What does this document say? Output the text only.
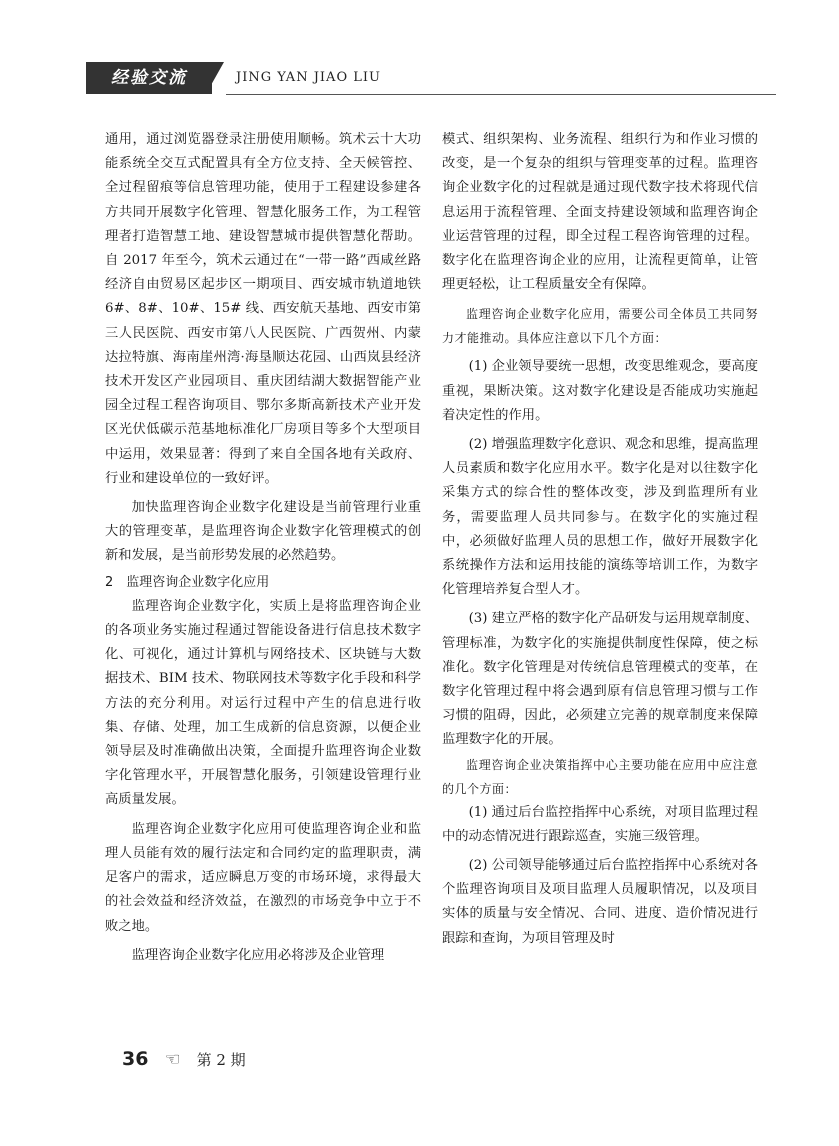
经验交流	JING YAN JIAO LIU

通用，通过浏览器登录注册使用顺畅。筑术云十大功能系统全交互式配置具有全方位支持、全天候管控、全过程留痕等信息管理功能，使用于工程建设参建各方共同开展数字化管理、智慧化服务工作，为工程管理者打造智慧工地、建设智慧城市提供智慧化帮助。自 2017 年至今，筑术云通过在“一带一路”西咸丝路经济自由贸易区起步区一期项目、西安城市轨道地铁 6#、8#、10#、15# 线、西安航天基地、西安市第三人民医院、西安市第八人民医院、广西贺州、内蒙达拉特旗、海南崖州湾·海垦顺达花园、山西岚县经济技术开发区产业园项目、重庆团结湖大数据智能产业园全过程工程咨询项目、鄂尔多斯高新技术产业开发区光伏低碳示范基地标准化厂房项目等多个大型项目中运用，效果显著：得到了来自全国各地有关政府、行业和建设单位的一致好评。

加快监理咨询企业数字化建设是当前管理行业重大的管理变革，是监理咨询企业数字化管理模式的创新和发展，是当前形势发展的必然趋势。

2　监理咨询企业数字化应用

监理咨询企业数字化，实质上是将监理咨询企业的各项业务实施过程通过智能设备进行信息技术数字化、可视化，通过计算机与网络技术、区块链与大数据技术、BIM 技术、物联网技术等数字化手段和科学方法的充分利用。对运行过程中产生的信息进行收集、存储、处理，加工生成新的信息资源，以便企业领导层及时准确做出决策，全面提升监理咨询企业数字化管理水平，开展智慧化服务，引领建设管理行业高质量发展。

监理咨询企业数字化应用可使监理咨询企业和监理人员能有效的履行法定和合同约定的监理职责，满足客户的需求，适应瞬息万变的市场环境，求得最大的社会效益和经济效益，在激烈的市场竞争中立于不败之地。

监理咨询企业数字化应用必将涉及企业管理

模式、组织架构、业务流程、组织行为和作业习惯的改变，是一个复杂的组织与管理变革的过程。监理咨询企业数字化的过程就是通过现代数字技术将现代信息运用于流程管理、全面支持建设领域和监理咨询企业运营管理的过程，即全过程工程咨询管理的过程。数字化在监理咨询企业的应用，让流程更简单，让管理更轻松，让工程质量安全有保障。

监理咨询企业数字化应用，需要公司全体员工共同努力才能推动。具体应注意以下几个方面：

(1) 企业领导要统一思想，改变思维观念，要高度重视，果断决策。这对数字化建设是否能成功实施起着决定性的作用。

(2) 增强监理数字化意识、观念和思维，提高监理人员素质和数字化应用水平。数字化是对以往数字化采集方式的综合性的整体改变，涉及到监理所有业务，需要监理人员共同参与。在数字化的实施过程中，必须做好监理人员的思想工作，做好开展数字化系统操作方法和运用技能的演练等培训工作，为数字化管理培养复合型人才。

(3) 建立严格的数字化产品研发与运用规章制度、管理标准，为数字化的实施提供制度性保障，使之标准化。数字化管理是对传统信息管理模式的变革，在数字化管理过程中将会遇到原有信息管理习惯与工作习惯的阻碍，因此，必须建立完善的规章制度来保障监理数字化的开展。

监理咨询企业决策指挥中心主要功能在应用中应注意的几个方面：

(1) 通过后台监控指挥中心系统，对项目监理过程中的动态情况进行跟踪巡查，实施三级管理。

(2) 公司领导能够通过后台监控指挥中心系统对各个监理咨询项目及项目监理人员履职情况，以及项目实体的质量与安全情况、合同、进度、造价情况进行跟踪和查询，为项目管理及时

36 ☜ 第 2 期
